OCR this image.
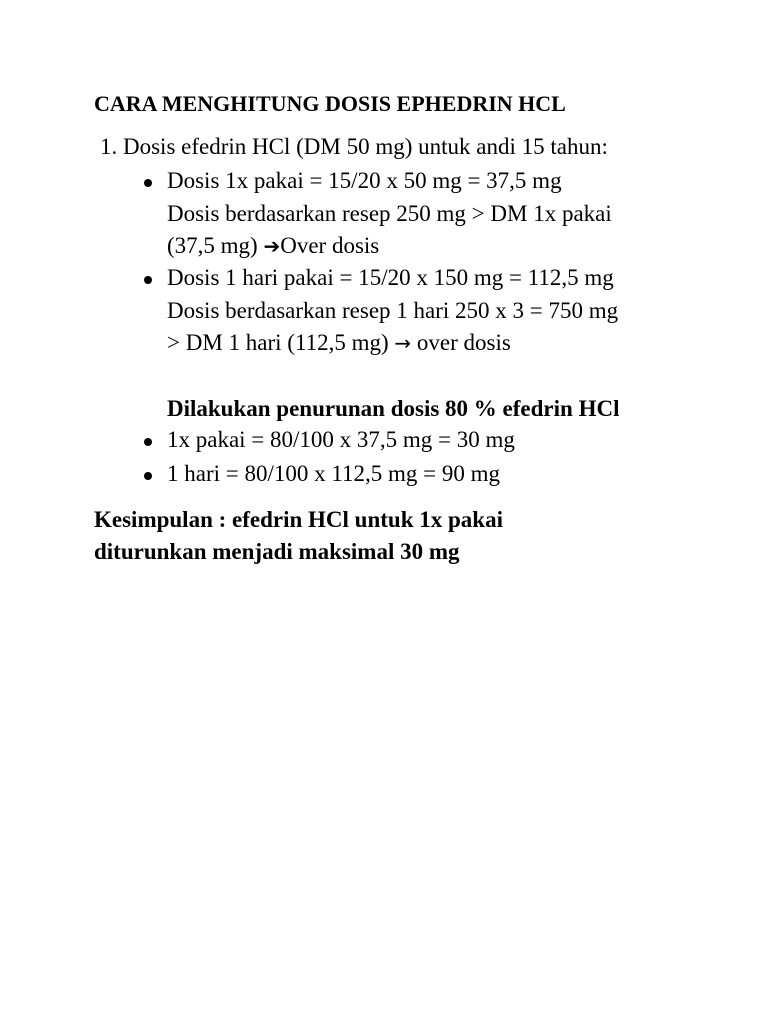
CARA MENGHITUNG DOSIS EPHEDRIN HCL
1. Dosis efedrin HCl (DM 50 mg) untuk andi 15 tahun:
Dosis 1x pakai = 15/20 x 50 mg = 37,5 mg
Dosis berdasarkan resep 250 mg > DM 1x pakai
(37,5 mg) ➔Over dosis
Dosis 1 hari pakai = 15/20 x 150 mg = 112,5 mg
Dosis berdasarkan resep 1 hari 250 x 3 = 750 mg
> DM 1 hari (112,5 mg) → over dosis
Dilakukan penurunan dosis 80 % efedrin HCl
1x pakai = 80/100 x 37,5 mg = 30 mg
1 hari = 80/100 x 112,5 mg = 90 mg
Kesimpulan : efedrin HCl untuk 1x pakai
diturunkan menjadi maksimal 30 mg
